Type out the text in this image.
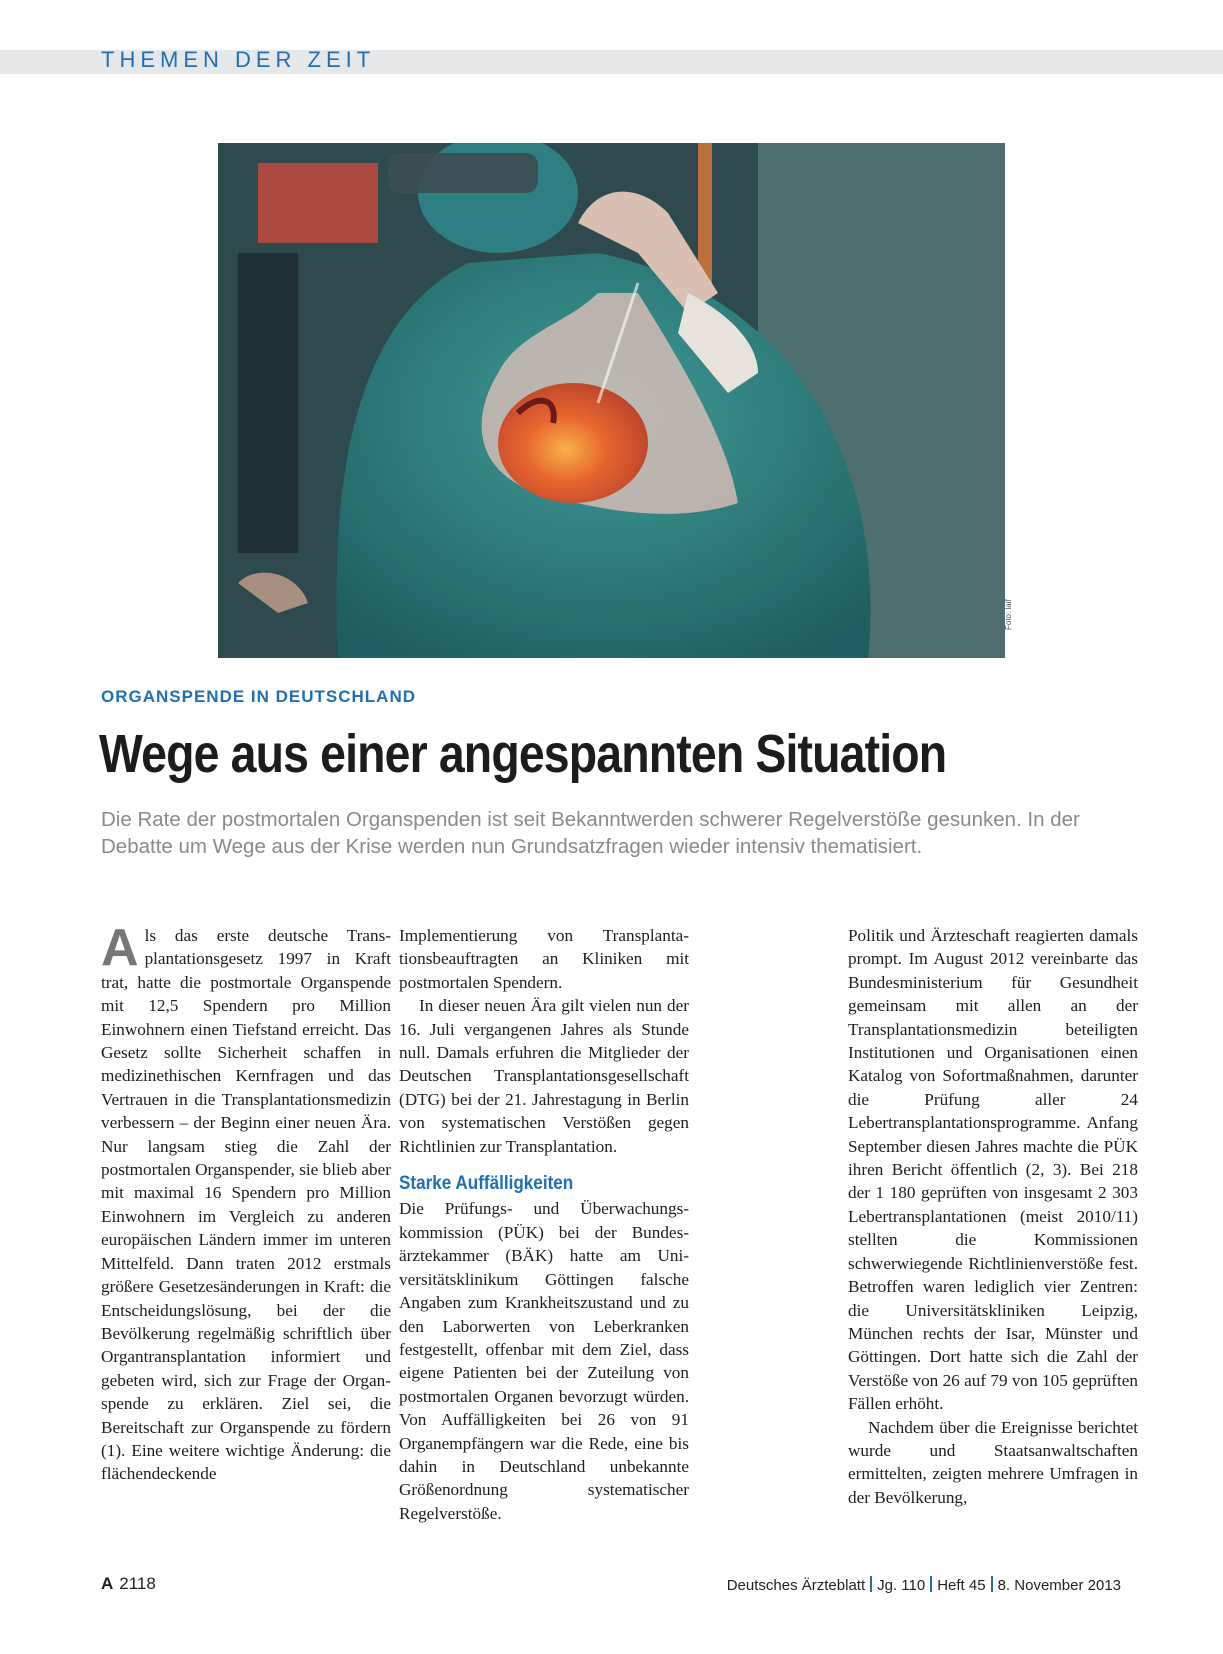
THEMEN DER ZEIT
Foto: laif
ORGANSPENDE IN DEUTSCHLAND
Wege aus einer angespannten Situation
Die Rate der postmortalen Organspenden ist seit Bekanntwerden schwerer Regelverstöße gesunken. In der Debatte um Wege aus der Krise werden nun Grundsatzfragen wieder intensiv thematisiert.

Als das erste deutsche Transplantationsgesetz 1997 in Kraft trat, hatte die postmortale Organspende mit 12,5 Spendern pro Million Einwohnern einen Tiefstand erreicht. Das Gesetz sollte Sicherheit schaffen in medizinethischen Kernfragen und das Vertrauen in die Transplantationsmedizin verbessern – der Beginn einer neuen Ära. Nur langsam stieg die Zahl der postmortalen Organspender, sie blieb aber mit maximal 16 Spendern pro Million Einwohnern im Vergleich zu anderen europäischen Ländern immer im unteren Mittelfeld. Dann traten 2012 erstmals größere Gesetzesänderungen in Kraft: die Entscheidungslösung, bei der die Bevölkerung regelmäßig schriftlich über Organtransplantation informiert und gebeten wird, sich zur Frage der Organspende zu erklären. Ziel sei, die Bereitschaft zur Organspende zu fördern (1). Eine weitere wichtige Änderung: die flächendeckende

Implementierung von Transplantationsbeauftragten an Kliniken mit postmortalen Spendern.

In dieser neuen Ära gilt vielen nun der 16. Juli vergangenen Jahres als Stunde null. Damals erfuhren die Mitglieder der Deutschen Transplantationsgesellschaft (DTG) bei der 21. Jahrestagung in Berlin von systematischen Verstößen gegen Richtlinien zur Transplantation.

Starke Auffälligkeiten

Die Prüfungs- und Überwachungskommission (PÜK) bei der Bundesärztekammer (BÄK) hatte am Universitätsklinikum Göttingen falsche Angaben zum Krankheitszustand und zu den Laborwerten von Leberkranken festgestellt, offenbar mit dem Ziel, dass eigene Patienten bei der Zuteilung von postmortalen Organen bevorzugt würden. Von Auffälligkeiten bei 26 von 91 Organempfängern war die Rede, eine bis dahin in Deutschland unbekannte Größenordnung systematischer Regelverstöße.

Politik und Ärzteschaft reagierten damals prompt. Im August 2012 vereinbarte das Bundesministerium für Gesundheit gemeinsam mit allen an der Transplantationsmedizin beteiligten Institutionen und Organisationen einen Katalog von Sofortmaßnahmen, darunter die Prüfung aller 24 Lebertransplantationsprogramme. Anfang September diesen Jahres machte die PÜK ihren Bericht öffentlich (2, 3). Bei 218 der 1 180 geprüften von insgesamt 2 303 Lebertransplantationen (meist 2010/11) stellten die Kommissionen schwerwiegende Richtlinienverstöße fest. Betroffen waren lediglich vier Zentren: die Universitätskliniken Leipzig, München rechts der Isar, Münster und Göttingen. Dort hatte sich die Zahl der Verstöße von 26 auf 79 von 105 geprüften Fällen erhöht.

Nachdem über die Ereignisse berichtet wurde und Staatsanwaltschaften ermittelten, zeigten mehrere Umfragen in der Bevölkerung,

A 2118	Deutsches Ärzteblatt Jg. 110 Heft 45 8. November 2013
